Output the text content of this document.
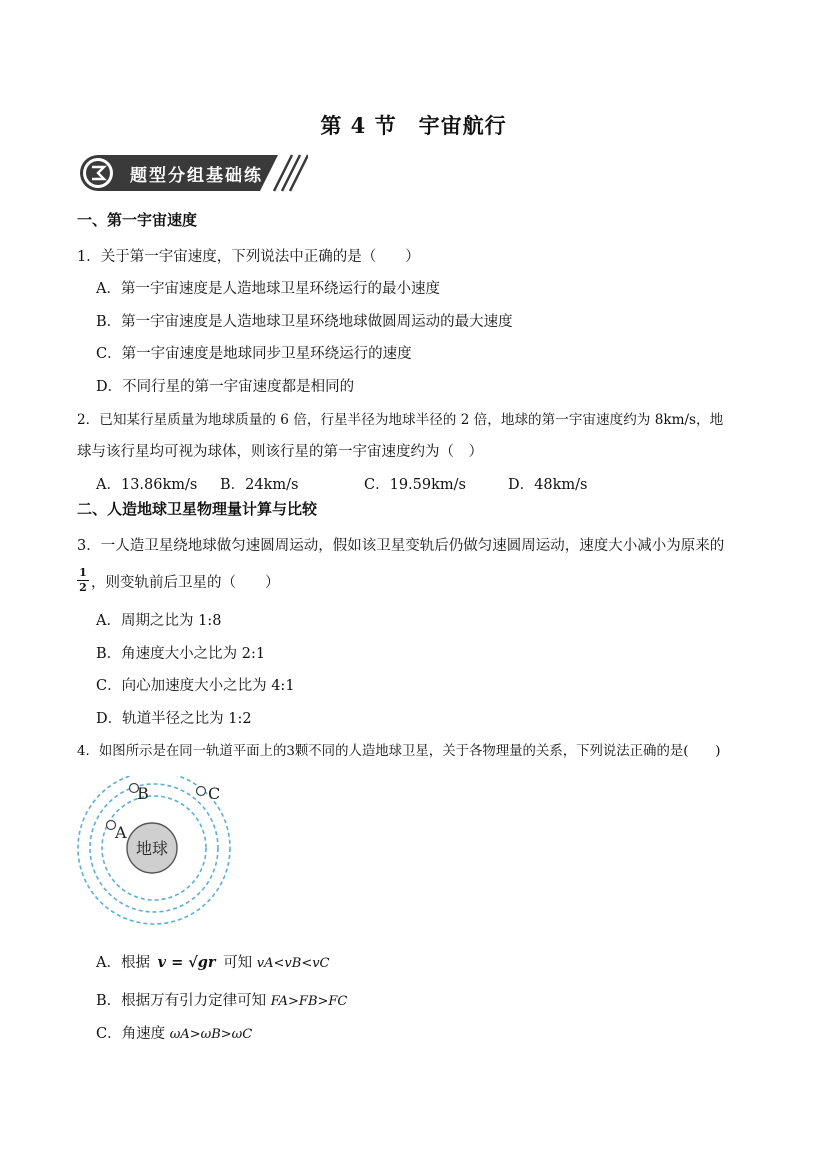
第 4 节　宇宙航行
题型分组基础练
一、第一宇宙速度
1．关于第一宇宙速度，下列说法中正确的是（　　）
A．第一宇宙速度是人造地球卫星环绕运行的最小速度
B．第一宇宙速度是人造地球卫星环绕地球做圆周运动的最大速度
C．第一宇宙速度是地球同步卫星环绕运行的速度
D．不同行星的第一宇宙速度都是相同的
2．已知某行星质量为地球质量的 6 倍，行星半径为地球半径的 2 倍，地球的第一宇宙速度约为 8km/s，地
球与该行星均可视为球体，则该行星的第一宇宙速度约为（　）
A．13.86km/s B．24km/s	C．19.59km/s	D．48km/s
二、人造地球卫星物理量计算与比较
3．一人造卫星绕地球做匀速圆周运动，假如该卫星变轨后仍做匀速圆周运动，速度大小减小为原来的
1
2 ，则变轨前后卫星的（　　）
A．周期之比为 1:8
B．角速度大小之比为 2:1
C．向心加速度大小之比为 4:1
D．轨道半径之比为 1:2
4．如图所示是在同一轨道平面上的3颗不同的人造地球卫星，关于各物理量的关系，下列说法正确的是(　　)
地球
A
B	C
A．根据 v = √gr 可知 vA<vB<vC
B．根据万有引力定律可知 FA>FB>FC
C．角速度 ωA>ωB>ωC
